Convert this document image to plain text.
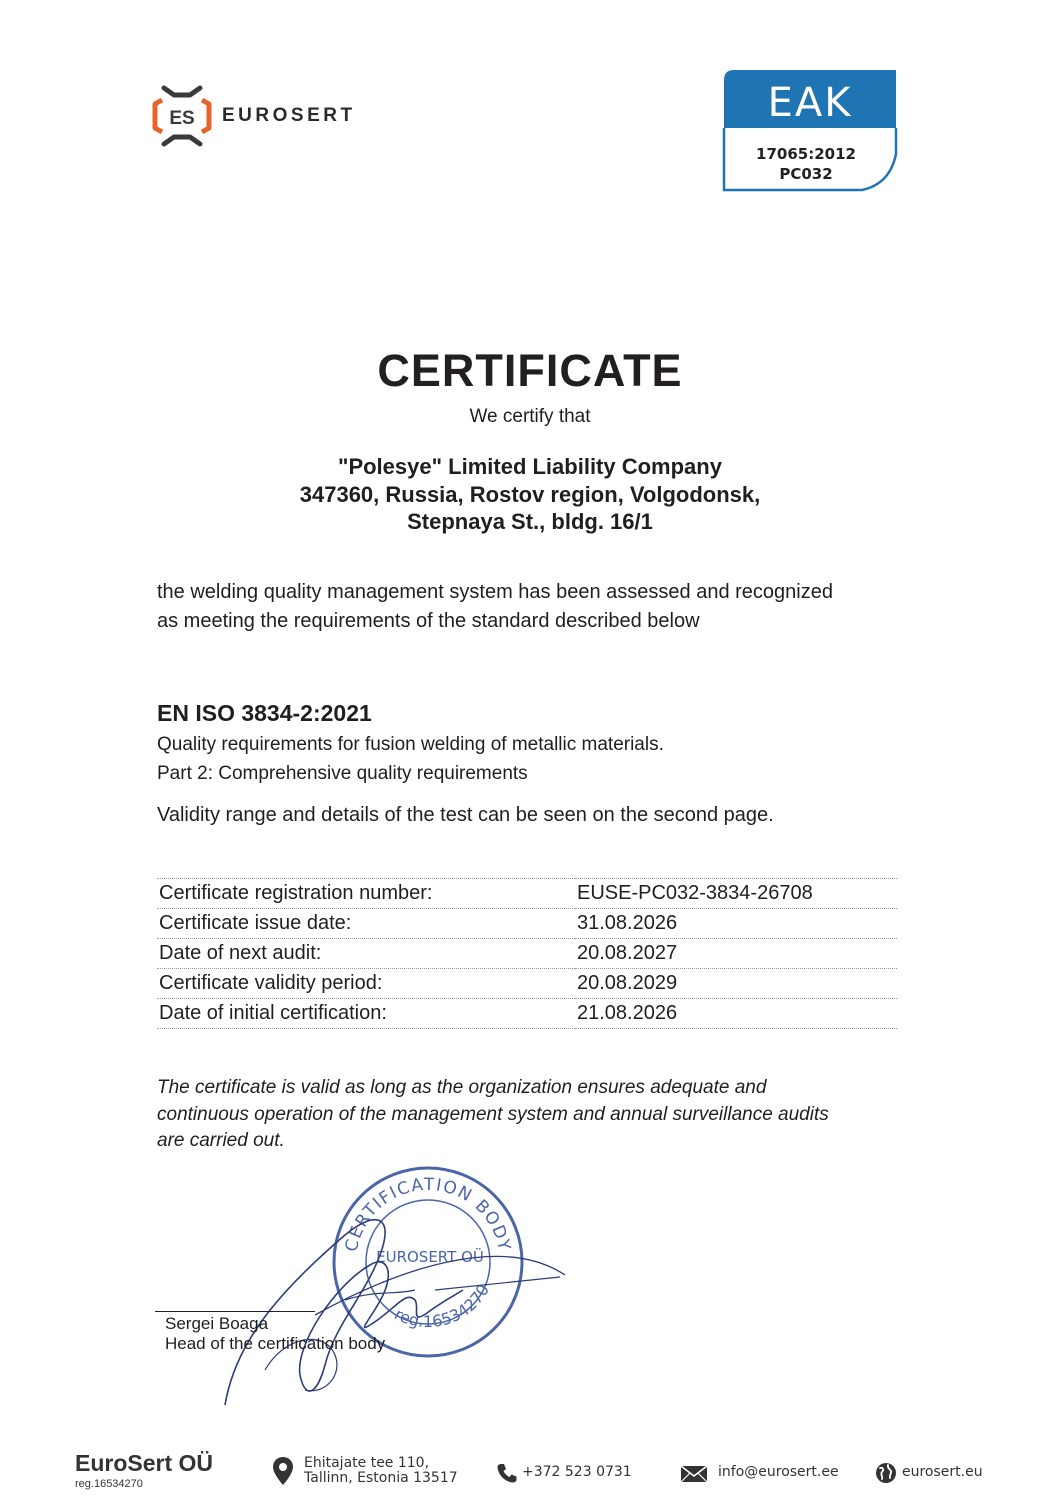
ES EUROSERT	EAK
17065:2012
PC032
CERTIFICATE
We certify that
"Polesye" Limited Liability Company
347360, Russia, Rostov region, Volgodonsk,
Stepnaya St., bldg. 16/1
the welding quality management system has been assessed and recognized
as meeting the requirements of the standard described below
EN ISO 3834-2:2021
Quality requirements for fusion welding of metallic materials.
Part 2: Comprehensive quality requirements
Validity range and details of the test can be seen on the second page.
Certificate registration number:	EUSE-PC032-3834-26708
Certificate issue date:	31.08.2026
Date of next audit:	20.08.2027
Certificate validity period:	20.08.2029
Date of initial certification:	21.08.2026
The certificate is valid as long as the organization ensures adequate and
continuous operation of the management system and annual surveillance audits
are carried out.
CERTIFICATION BODY
reg.16534270
EUROSERT OÜ
Sergei Boaga
Head of the certification body
EuroSert OÜ
reg.16534270
Ehitajate tee 110,
Tallinn, Estonia 13517	+372 523 0731	info@eurosert.ee	eurosert.eu
